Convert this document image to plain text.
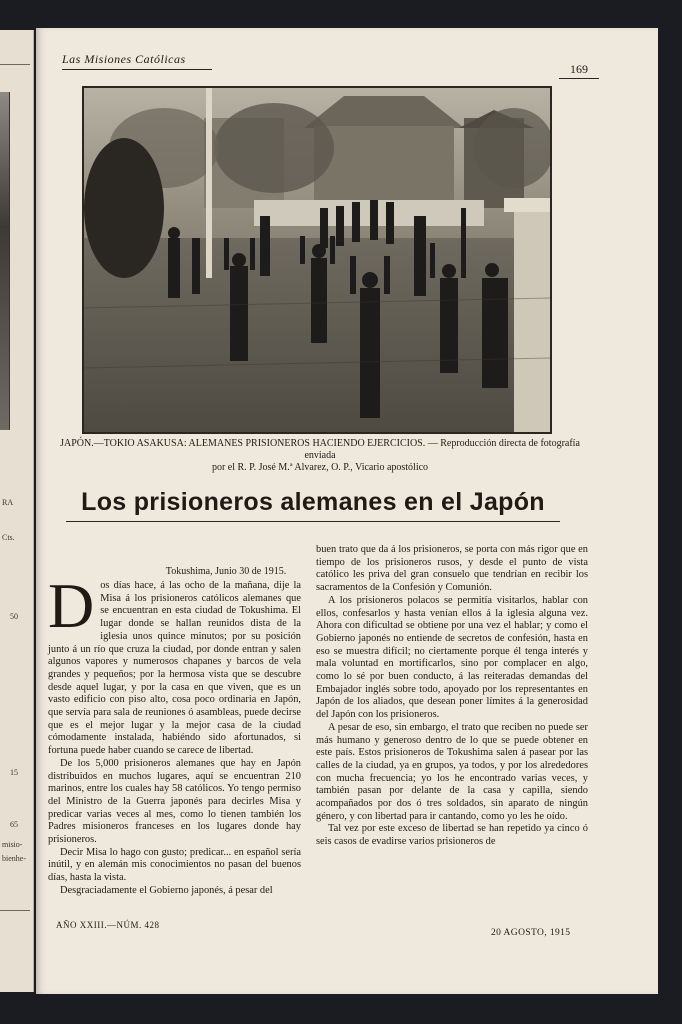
RA
Cts.
50
15
65
misio-
bienhe-
Las Misiones Católicas
169
JAPÓN.—TOKIO ASAKUSA: ALEMANES PRISIONEROS HACIENDO EJERCICIOS. — Reproducción directa de fotografía enviada
por el R. P. José M.ª Alvarez, O. P., Vicario apostólico
Los prisioneros alemanes en el Japón
Tokushima, Junio 30 de 1915.
D os días hace, á las ocho de la mañana, dije la Misa á los prisioneros católicos alemanes que se encuentran en esta ciudad de Tokushima. El lugar donde se hallan reunidos dista de la iglesia unos quince minutos; por su posición junto á un río que cruza la ciudad, por donde entran y salen algunos vapores y numerosos chapanes y barcos de vela grandes y pequeños; por la hermosa vista que se descubre desde aquel lugar, y por la casa en que viven, que es un vasto edificio con piso alto, cosa poco ordinaria en Japón, que servía para sala de reuniones ó asambleas, puede decirse que es el mejor lugar y la mejor casa de la ciudad cómodamente instalada, habiéndo sido afortunados, si fortuna puede haber cuando se carece de libertad.

De los 5,000 prisioneros alemanes que hay en Japón distribuidos en muchos lugares, aquí se encuentran 210 marinos, entre los cuales hay 58 católicos. Yo tengo permiso del Ministro de la Guerra japonés para decirles Misa y predicar varias veces al mes, como lo tienen también los Padres misioneros franceses en los lugares donde hay prisioneros.

Decir Misa lo hago con gusto; predicar... en español sería inútil, y en alemán mis conocimientos no pasan del buenos días, hasta la vista.

Desgraciadamente el Gobierno japonés, á pesar del

buen trato que da á los prisioneros, se porta con más rigor que en tiempo de los prisioneros rusos, y desde el punto de vista católico les priva del gran consuelo que tendrían en recibir los sacramentos de la Confesión y Comunión.

A los prisioneros polacos se permitía visitarlos, hablar con ellos, confesarlos y hasta venían ellos á la iglesia alguna vez. Ahora con dificultad se obtiene por una vez el hablar; y como el Gobierno japonés no entiende de secretos de confesión, hasta en eso se muestra difícil; no ciertamente porque él tenga interés y mala voluntad en mortificarlos, sino por complacer en algo, como lo sé por buen conducto, á las reiteradas demandas del Embajador inglés sobre todo, apoyado por los representantes en Japón de los aliados, que desean poner límites á la generosidad del Japón con los prisioneros.

A pesar de eso, sin embargo, el trato que reciben no puede ser más humano y generoso dentro de lo que se puede obtener en este país. Estos prisioneros de Tokushima salen á pasear por las calles de la ciudad, ya en grupos, ya todos, y por los alrededores con mucha frecuencia; yo los he encontrado varias veces, y también pasan por delante de la casa y capilla, siendo acompañados por dos ó tres soldados, sin aparato de ningún género, y con libertad para ir cantando, como yo les he oído.

Tal vez por este exceso de libertad se han repetido ya cinco ó seis casos de evadirse varios prisioneros de

AÑO XXIII.—NÚM. 428
20 AGOSTO, 1915
